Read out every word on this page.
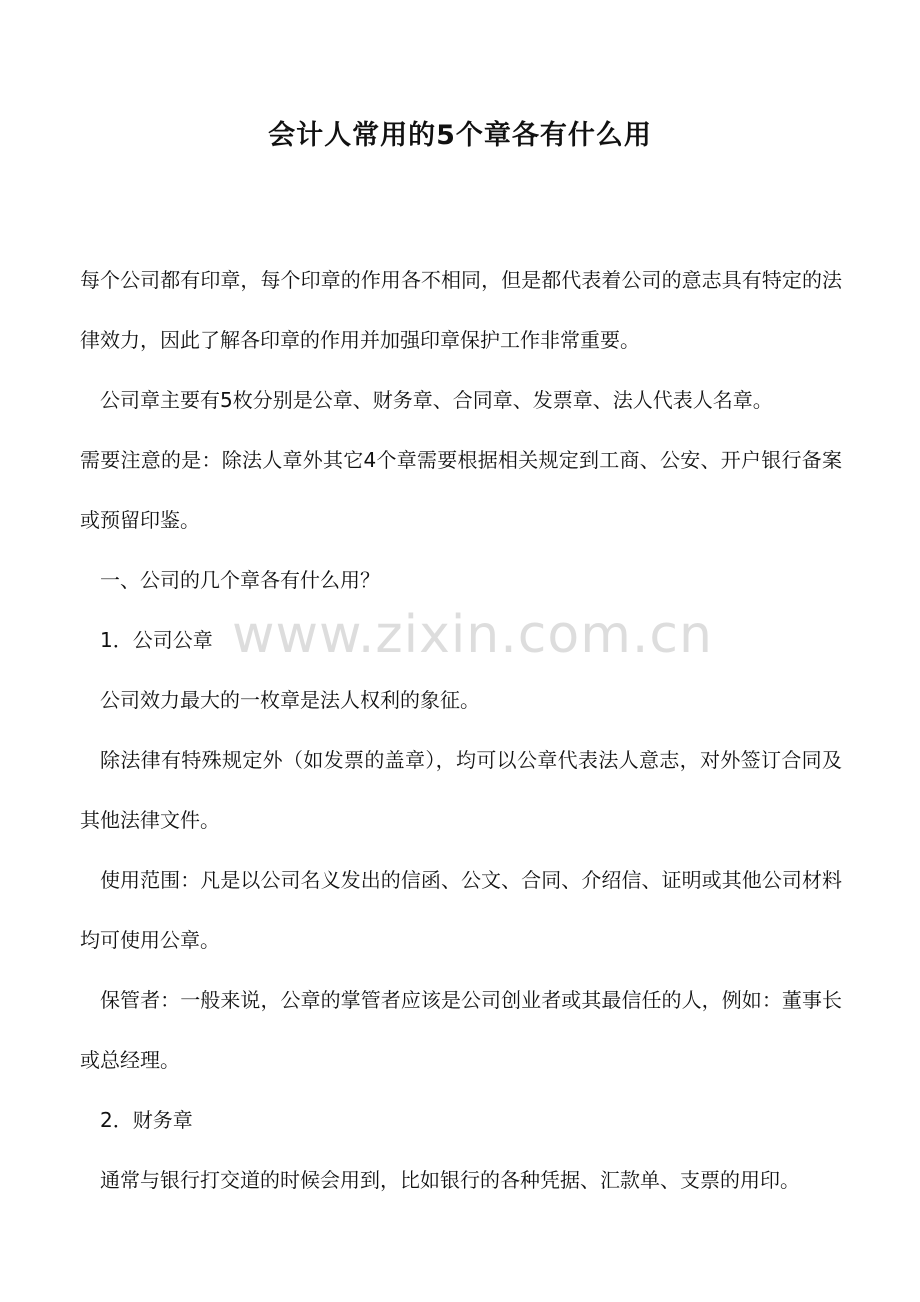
会计人常用的5个章各有什么用

每个公司都有印章，每个印章的作用各不相同，但是都代表着公司的意志具有特定的法律效力，因此了解各印章的作用并加强印章保护工作非常重要。

公司章主要有5枚分别是公章、财务章、合同章、发票章、法人代表人名章。

需要注意的是：除法人章外其它4个章需要根据相关规定到工商、公安、开户银行备案或预留印鉴。

一、公司的几个章各有什么用？

1．公司公章

公司效力最大的一枚章是法人权利的象征。

除法律有特殊规定外（如发票的盖章），均可以公章代表法人意志，对外签订合同及其他法律文件。

使用范围：凡是以公司名义发出的信函、公文、合同、介绍信、证明或其他公司材料均可使用公章。

保管者：一般来说，公章的掌管者应该是公司创业者或其最信任的人，例如：董事长或总经理。

2．财务章

通常与银行打交道的时候会用到，比如银行的各种凭据、汇款单、支票的用印。

www.zixin.com.cn
